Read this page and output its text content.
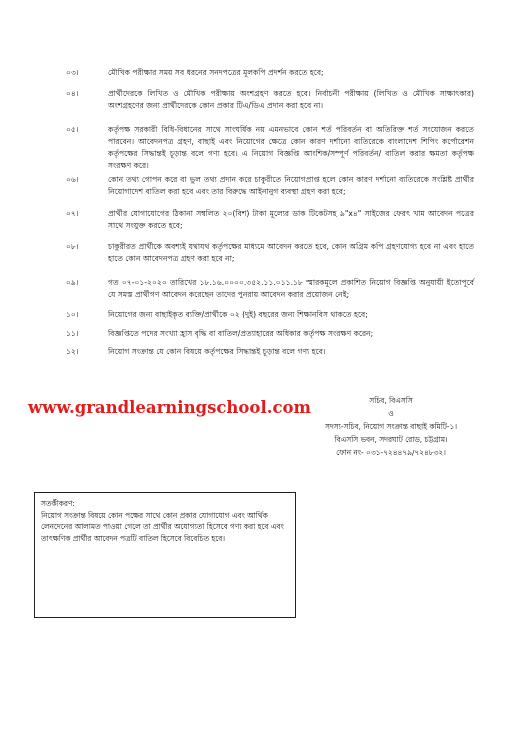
০৩।	মৌখিক পরীক্ষার সময় সব ধরনের সনদপত্রের মূলকপি প্রদর্শন করতে হবে;
০৪।	প্রার্থীদেরকে লিখিত ও মৌখিক পরীক্ষায় অংশগ্রহণ করতে হবে। নির্বাচনী পরীক্ষায় (লিখিত ও মৌখিক সাক্ষাৎকার) অংশগ্রহণের জন্য প্রার্থীদেরকে কোন প্রকার টিএ/ডিএ প্রদান করা হবে না।
০৫।	কর্তৃপক্ষ সরকারী বিধি-বিধানের সাথে সাংঘর্ষিক নয় এমনভাবে কোন শর্ত পরিবর্তন বা অতিরিক্ত শর্ত সংযোজন করতে পারবেন। আবেদনপত্র গ্রহণ, বাছাই এবং নিয়োগের ক্ষেত্রে কোন কারণ দর্শানো ব্যতিরেকে বাংলাদেশ শিপিং কর্পোরেশন কর্তৃপক্ষের সিদ্ধান্তই চূড়ান্ত বলে গণ্য হবে। এ নিয়োগ বিজ্ঞপ্তি আংশিক/সম্পূর্ণ পরিবর্তন/ বাতিল করার ক্ষমতা কর্তৃপক্ষ সংরক্ষণ করে।
০৬।	কোন তথ্য গোপন করে বা ভুল তথ্য প্রদান করে চাকুরীতে নিয়োগপ্রাপ্ত হলে কোন কারণ দর্শানো ব্যতিরেকে সংশ্লিষ্ট প্রার্থীর নিয়োগাদেশ বাতিল করা হবে এবং তার বিরুদ্ধে আইনানুগ ব্যবস্থা গ্রহণ করা হবে;
০৭।	প্রার্থীর যোগাযোগের ঠিকানা সম্বলিত ২০(বিশ) টাকা মূল্যের ডাক টিকেটসহ ৯"x৪" সাইজের ফেরৎ খাম আবেদন পত্রের সাথে সংযুক্ত করতে হবে;
০৮।	চাকুরীরত প্রার্থীকে অবশ্যই যথাযথ কর্তৃপক্ষের মাধ্যমে আবেদন করতে হবে, কোন অগ্রিম কপি গ্রহণযোগ্য হবে না এবং হাতে হাতে কোন আবেদনপত্র গ্রহণ করা হবে না;
০৯।	গত ০৭-০১-২০২০ তারিখের ১৮.১৬.০০০০.৩৫২.১১.০১১.১৮ স্মারকমূলে প্রকাশিত নিয়োগ বিজ্ঞপ্তি অনুযায়ী ইতোপূর্বে যে সমস্ত প্রার্থীগণ আবেদন করেছেন তাদের পুনরায় আবেদন করার প্রয়োজন নেই;
১০।	নিয়োগের জন্য বাছাইকৃত ব্যক্তি/প্রার্থীকে ০২ (দুই) বছরের জন্য শিক্ষানবিস থাকতে হবে;
১১।	বিজ্ঞপ্তিতে পদের সংখ্যা হ্রাস বৃদ্ধি বা বাতিল/প্রত্যাহারের অধিকার কর্তৃপক্ষ সংরক্ষণ করেন;
১২।	নিয়োগ সংক্রান্ত যে কোন বিষয়ে কর্তৃপক্ষের সিদ্ধান্তই চূড়ান্ত বলে গণ্য হবে।
www.grandlearningschool.com	সচিব, বিএসসি
ও
সদস্য-সচিব, নিয়োগ সংক্রান্ত বাছাই কমিটি-১।
বিএসসি ভবন, সদরঘাট রোড, চট্টগ্রাম।
ফোন নং- ০৩১-৭২৪৪৭৯/৭২৪৮৩২।
সতর্কীকরণ:
নিয়োগ সংক্রান্ত বিষয়ে কোন পক্ষের সাথে কোন প্রকার যোগাযোগ এবং আর্থিক লেনদেনের আলামত পাওয়া গেলে তা প্রার্থীর অযোগ্যতা হিসেবে গণ্য করা হবে এবং তাৎক্ষণিক প্রার্থীর আবেদন পত্রটি বাতিল হিসেবে বিবেচিত হবে।
